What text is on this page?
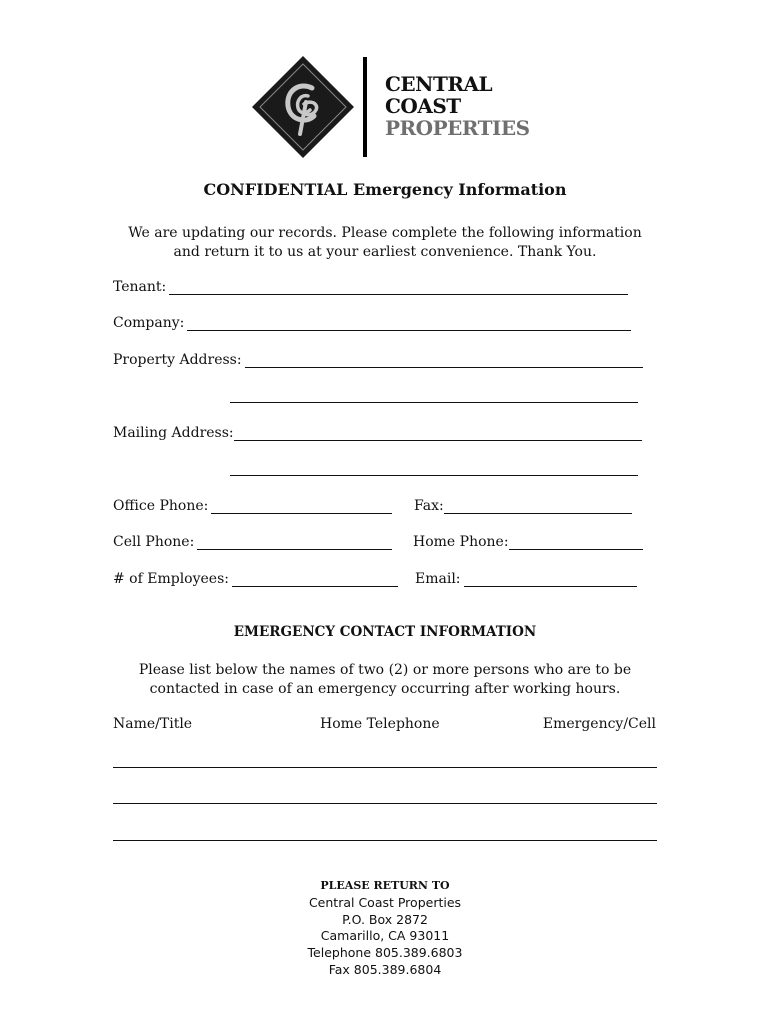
CENTRAL
COAST
PROPERTIES
CONFIDENTIAL Emergency Information
We are updating our records. Please complete the following information
and return it to us at your earliest convenience. Thank You.
Tenant:
Company:
Property Address:
Mailing Address:
Office Phone:	Fax:
Cell Phone:	Home Phone:
# of Employees:	Email:
EMERGENCY CONTACT INFORMATION
Please list below the names of two (2) or more persons who are to be
contacted in case of an emergency occurring after working hours.
Name/Title	Home Telephone	Emergency/Cell
PLEASE RETURN TO
Central Coast Properties
P.O. Box 2872
Camarillo, CA 93011
Telephone 805.389.6803
Fax 805.389.6804
